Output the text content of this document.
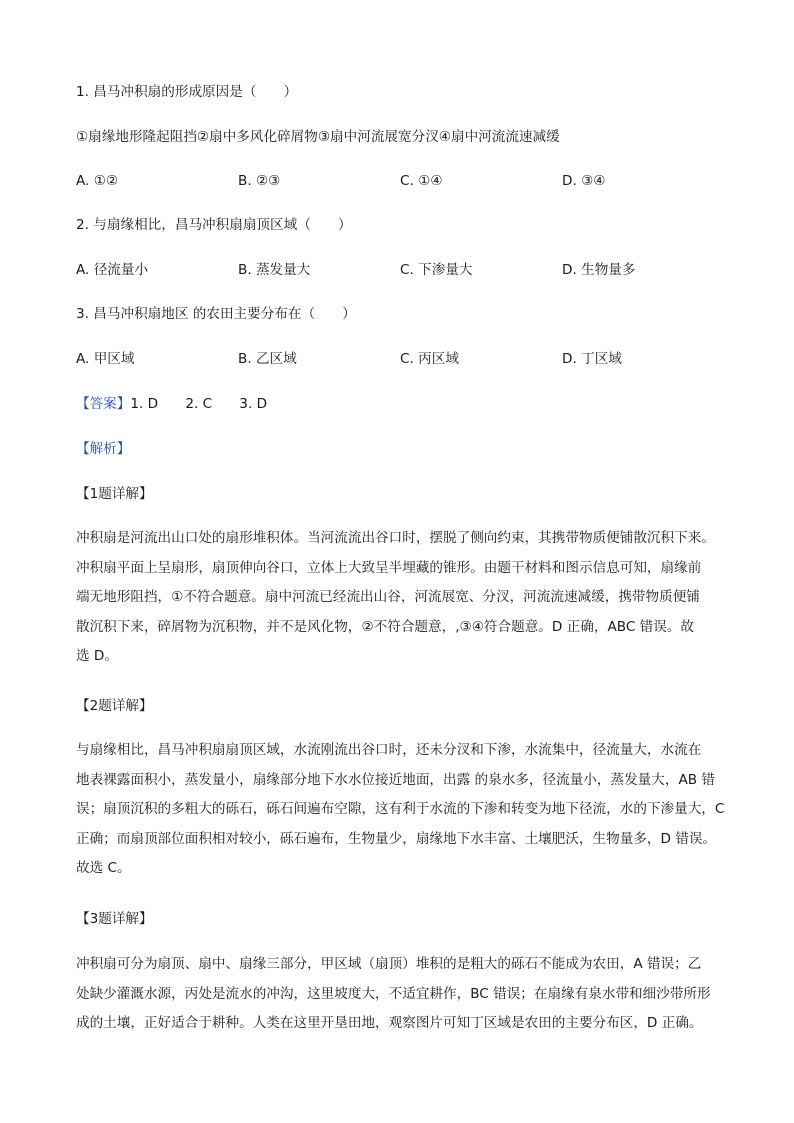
1. 昌马冲积扇的形成原因是（　　）
①扇缘地形隆起阻挡②扇中多风化碎屑物③扇中河流展宽分汊④扇中河流流速减缓
A. ①②	B. ②③	C. ①④	D. ③④
2. 与扇缘相比，昌马冲积扇扇顶区域（　　）
A. 径流量小	B. 蒸发量大	C. 下渗量大	D. 生物量多
3. 昌马冲积扇地区 的农田主要分布在（　　）
A. 甲区域	B. 乙区域	C. 丙区域	D. 丁区域
【答案】1. D　　2. C　　3. D
【解析】
【1题详解】
冲积扇是河流出山口处的扇形堆积体。当河流流出谷口时，摆脱了侧向约束，其携带物质便铺散沉积下来。
冲积扇平面上呈扇形，扇顶伸向谷口，立体上大致呈半埋藏的锥形。由题干材料和图示信息可知，扇缘前
端无地形阻挡，①不符合题意。扇中河流已经流出山谷，河流展宽、分汊，河流流速减缓，携带物质便铺
散沉积下来，碎屑物为沉积物，并不是风化物，②不符合题意，,③④符合题意。D 正确，ABC 错误。故
选 D。
【2题详解】
与扇缘相比，昌马冲积扇扇顶区域，水流刚流出谷口时，还未分汊和下渗，水流集中，径流量大，水流在
地表裸露面积小，蒸发量小，扇缘部分地下水水位接近地面，出露 的泉水多，径流量小，蒸发量大，AB 错
误；扇顶沉积的多粗大的砾石，砾石间遍布空隙，这有利于水流的下渗和转变为地下径流，水的下渗量大，C
正确；而扇顶部位面积相对较小，砾石遍布，生物量少，扇缘地下水丰富、土壤肥沃，生物量多，D 错误。
故选 C。
【3题详解】
冲积扇可分为扇顶、扇中、扇缘三部分，甲区域（扇顶）堆积的是粗大的砾石不能成为农田，A 错误；乙
处缺少灌溉水源，丙处是流水的冲沟，这里坡度大，不适宜耕作，BC 错误；在扇缘有泉水带和细沙带所形
成的土壤，正好适合于耕种。人类在这里开垦田地，观察图片可知丁区域是农田的主要分布区，D 正确。
